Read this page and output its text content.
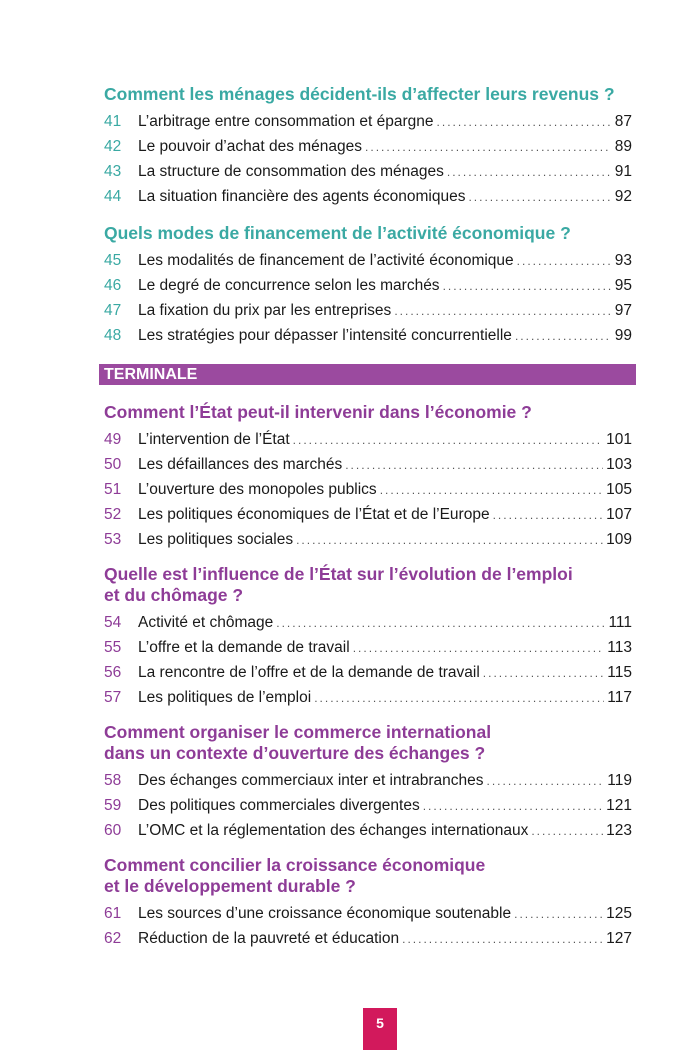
Comment les ménages décident-ils d’affecter leurs revenus ?
41	L’arbitrage entre consommation et épargne .....	87
42	Le pouvoir d’achat des ménages .....	89
43	La structure de consommation des ménages .....	91
44	La situation financière des agents économiques .....	92
Quels modes de financement de l’activité économique ?
45	Les modalités de financement de l’activité économique .....	93
46	Le degré de concurrence selon les marchés .....	95
47	La fixation du prix par les entreprises .....	97
48	Les stratégies pour dépasser l’intensité concurrentielle .....	99
TERMINALE
Comment l’État peut-il intervenir dans l’économie ?
49	L’intervention de l’État .....	101
50	Les défaillances des marchés .....	103
51	L’ouverture des monopoles publics .....	105
52	Les politiques économiques de l’État et de l’Europe .....	107
53	Les politiques sociales .....	109
Quelle est l’influence de l’État sur l’évolution de l’emploi
et du chômage ?
54	Activité et chômage .....	111
55	L’offre et la demande de travail .....	113
56	La rencontre de l’offre et de la demande de travail .....	115
57	Les politiques de l’emploi .....	117
Comment organiser le commerce international
dans un contexte d’ouverture des échanges ?
58	Des échanges commerciaux inter et intrabranches .....	119
59	Des politiques commerciales divergentes .....	121
60	L’OMC et la réglementation des échanges internationaux .....	123
Comment concilier la croissance économique
et le développement durable ?
61	Les sources d’une croissance économique soutenable .....	125
62	Réduction de la pauvreté et éducation .....	127
5
